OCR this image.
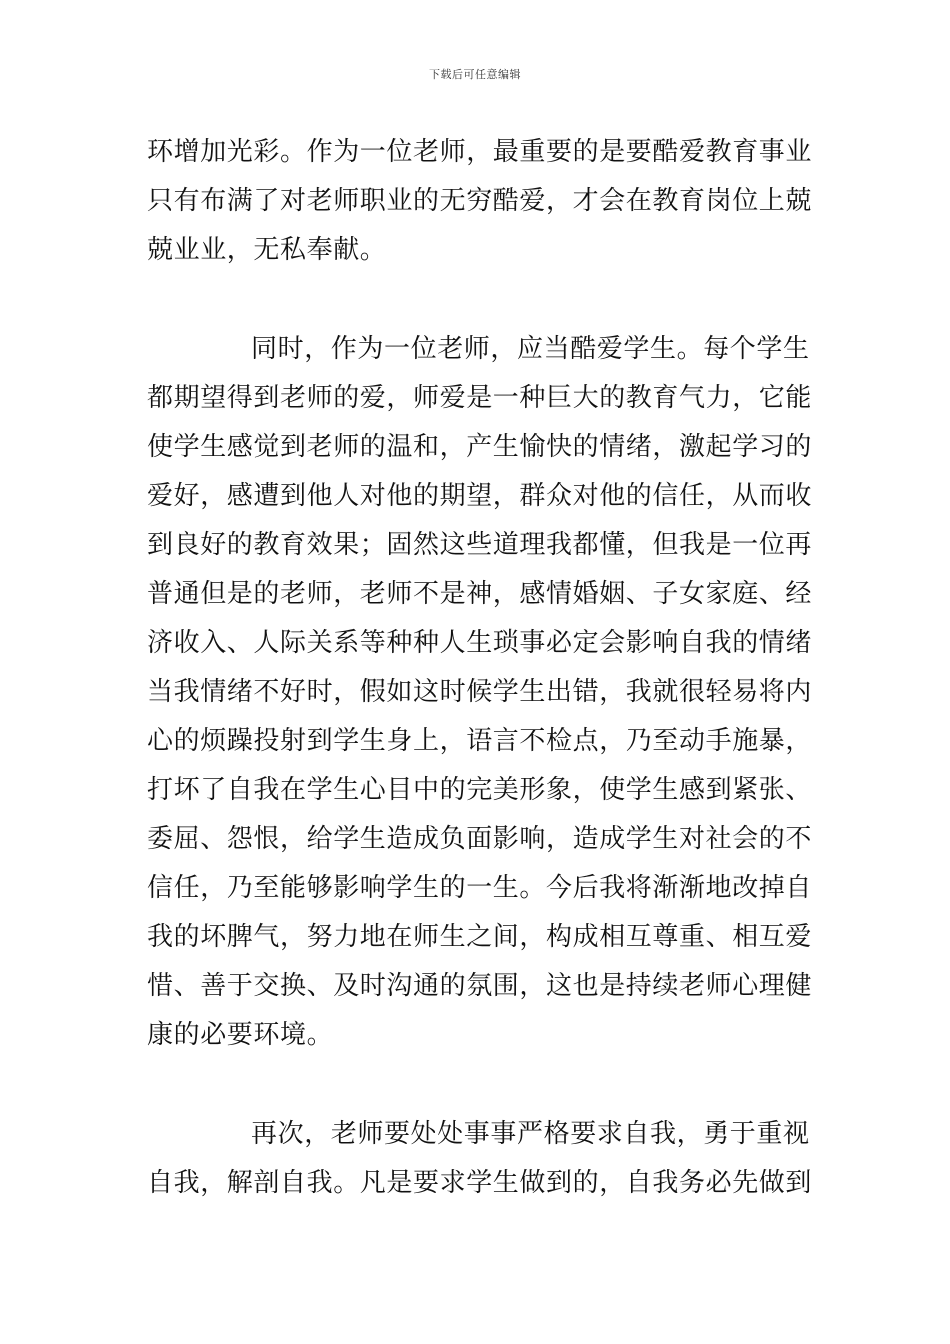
下载后可任意编辑
环增加光彩。作为一位老师，最重要的是要酷爱教育事业
只有布满了对老师职业的无穷酷爱，才会在教育岗位上兢
兢业业，无私奉献。
同时，作为一位老师，应当酷爱学生。每个学生
都期望得到老师的爱，师爱是一种巨大的教育气力，它能
使学生感觉到老师的温和，产生愉快的情绪，激起学习的
爱好，感遭到他人对他的期望，群众对他的信任，从而收
到良好的教育效果；固然这些道理我都懂，但我是一位再
普通但是的老师，老师不是神，感情婚姻、子女家庭、经
济收入、人际关系等种种人生琐事必定会影响自我的情绪
当我情绪不好时，假如这时候学生出错，我就很轻易将内
心的烦躁投射到学生身上，语言不检点，乃至动手施暴，
打坏了自我在学生心目中的完美形象，使学生感到紧张、
委屈、怨恨，给学生造成负面影响，造成学生对社会的不
信任，乃至能够影响学生的一生。今后我将渐渐地改掉自
我的坏脾气，努力地在师生之间，构成相互尊重、相互爱
惜、善于交换、及时沟通的氛围，这也是持续老师心理健
康的必要环境。
再次，老师要处处事事严格要求自我，勇于重视
自我，解剖自我。凡是要求学生做到的，自我务必先做到
